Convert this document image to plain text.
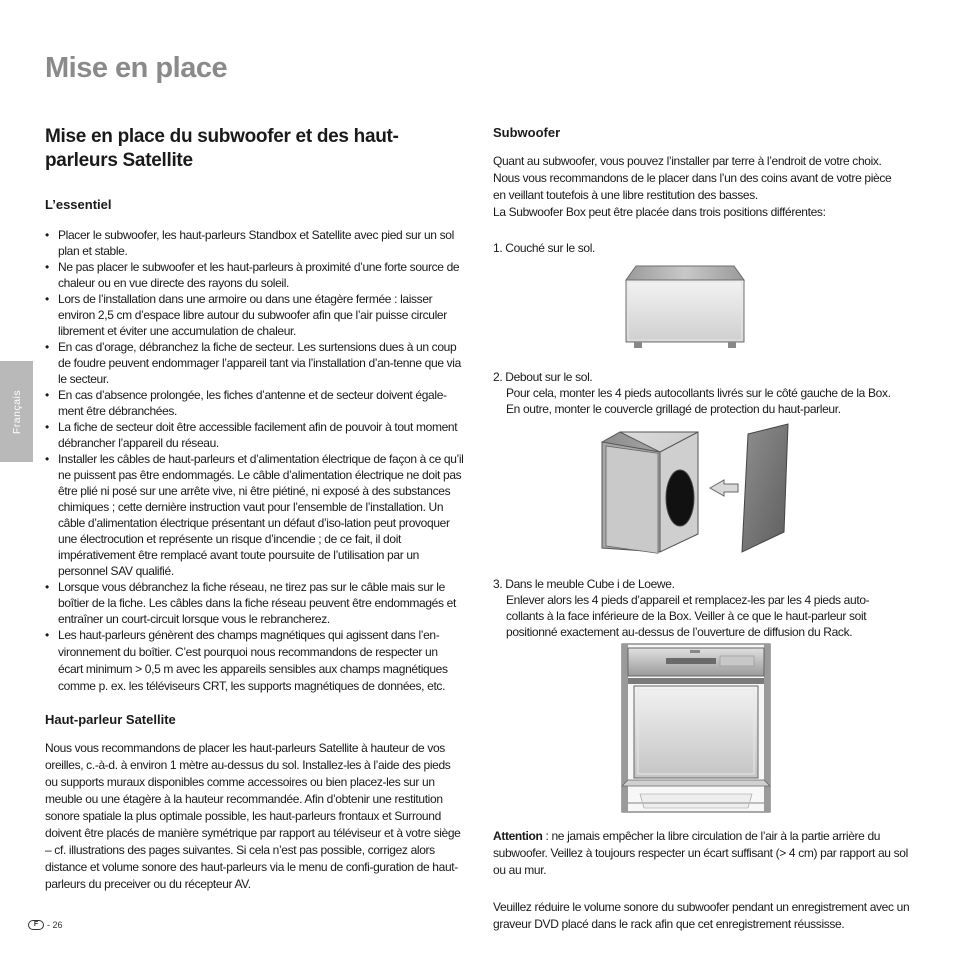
Mise en place
Français
Mise en place du subwoofer et des haut-parleurs Satellite
L’essentiel
• Placer le subwoofer, les haut-parleurs Standbox et Satellite avec pied sur un sol plan et stable.
• Ne pas placer le subwoofer et les haut-parleurs à proximité d’une forte source de chaleur ou en vue directe des rayons du soleil.
• Lors de l’installation dans une armoire ou dans une étagère fermée : laisser environ 2,5 cm d’espace libre autour du subwoofer afin que l’air puisse circuler librement et éviter une accumulation de chaleur.
• En cas d’orage, débranchez la fiche de secteur. Les surtensions dues à un coup de foudre peuvent endommager l’appareil tant via l’installation d’an-tenne que via le secteur.
• En cas d’absence prolongée, les fiches d’antenne et de secteur doivent égale-ment être débranchées.
• La fiche de secteur doit être accessible facilement afin de pouvoir à tout moment débrancher l’appareil du réseau.
• Installer les câbles de haut-parleurs et d’alimentation électrique de façon à ce qu’il ne puissent pas être endommagés. Le câble d’alimentation électrique ne doit pas être plié ni posé sur une arrête vive, ni être piétiné, ni exposé à des substances chimiques ; cette dernière instruction vaut pour l’ensemble de l’installation. Un câble d’alimentation électrique présentant un défaut d’iso-lation peut provoquer une électrocution et représente un risque d’incendie ; de ce fait, il doit impérativement être remplacé avant toute poursuite de l’utilisation par un personnel SAV qualifié.
• Lorsque vous débranchez la fiche réseau, ne tirez pas sur le câble mais sur le boîtier de la fiche. Les câbles dans la fiche réseau peuvent être endommagés et entraîner un court-circuit lorsque vous le rebrancherez.
• Les haut-parleurs génèrent des champs magnétiques qui agissent dans l’en-vironnement du boîtier. C’est pourquoi nous recommandons de respecter un écart minimum > 0,5 m avec les appareils sensibles aux champs magnétiques comme p. ex. les téléviseurs CRT, les supports magnétiques de données, etc.
Haut-parleur Satellite
Nous vous recommandons de placer les haut-parleurs Satellite à hauteur de vos oreilles, c.-à-d. à environ 1 mètre au-dessus du sol. Installez-les à l’aide des pieds ou supports muraux disponibles comme accessoires ou bien placez-les sur un meuble ou une étagère à la hauteur recommandée. Afin d’obtenir une restitution sonore spatiale la plus optimale possible, les haut-parleurs frontaux et Surround doivent être placés de manière symétrique par rapport au téléviseur et à votre siège – cf. illustrations des pages suivantes. Si cela n’est pas possible, corrigez alors distance et volume sonore des haut-parleurs via le menu de confi-guration de haut-parleurs du preceiver ou du récepteur AV.
Subwoofer
Quant au subwoofer, vous pouvez l’installer par terre à l’endroit de votre choix.
Nous vous recommandons de le placer dans l’un des coins avant de votre pièce
en veillant toutefois à une libre restitution des basses.
La Subwoofer Box peut être placée dans trois positions différentes:
1. Couché sur le sol.
2. Debout sur le sol.
Pour cela, monter les 4 pieds autocollants livrés sur le côté gauche de la Box.
En outre, monter le couvercle grillagé de protection du haut-parleur.
3. Dans le meuble Cube i de Loewe.
Enlever alors les 4 pieds d’appareil et remplacez-les par les 4 pieds auto-
collants à la face inférieure de la Box. Veiller à ce que le haut-parleur soit
positionné exactement au-dessus de l’ouverture de diffusion du Rack.
Attention : ne jamais empêcher la libre circulation de l’air à la partie arrière du subwoofer. Veillez à toujours respecter un écart suffisant (> 4 cm) par rapport au sol ou au mur.
Veuillez réduire le volume sonore du subwoofer pendant un enregistrement avec un graveur DVD placé dans le rack afin que cet enregistrement réussisse.
F - 26
